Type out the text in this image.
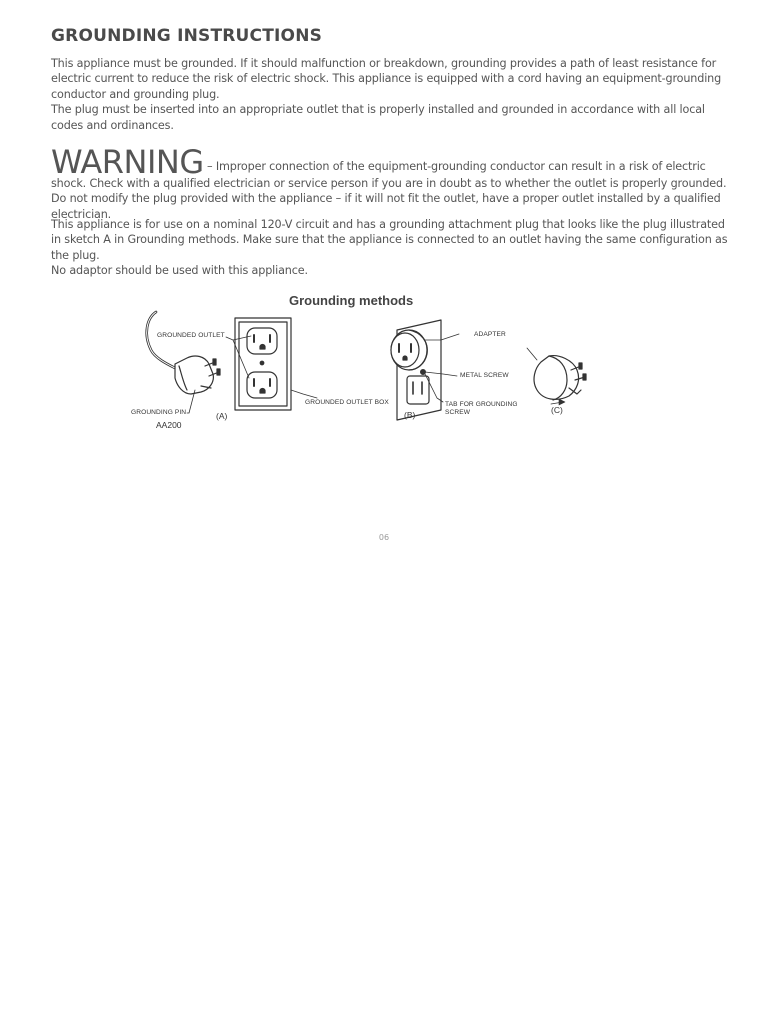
GROUNDING INSTRUCTIONS

This appliance must be grounded. If it should malfunction or breakdown, grounding provides a path of least resistance for electric current to reduce the risk of electric shock. This appliance is equipped with a cord having an equipment-grounding conductor and grounding plug.
The plug must be inserted into an appropriate outlet that is properly installed and grounded in accordance with all local codes and ordinances.

WARNING – Improper connection of the equipment-grounding conductor can result in a risk of electric shock. Check with a qualified electrician or service person if you are in doubt as to whether the outlet is properly grounded. Do not modify the plug provided with the appliance – if it will not fit the outlet, have a proper outlet installed by a qualified electrician.

This appliance is for use on a nominal 120-V circuit and has a grounding attachment plug that looks like the plug illustrated in sketch A in Grounding methods. Make sure that the appliance is connected to an outlet having the same configuration as the plug.
No adaptor should be used with this appliance.

Grounding methods

GROUNDED OUTLET
GROUNDING PIN
GROUNDED OUTLET BOX
ADAPTER
METAL SCREW
TAB FOR GROUNDING
SCREW
(A)	(B)	(C)
AA200
06
